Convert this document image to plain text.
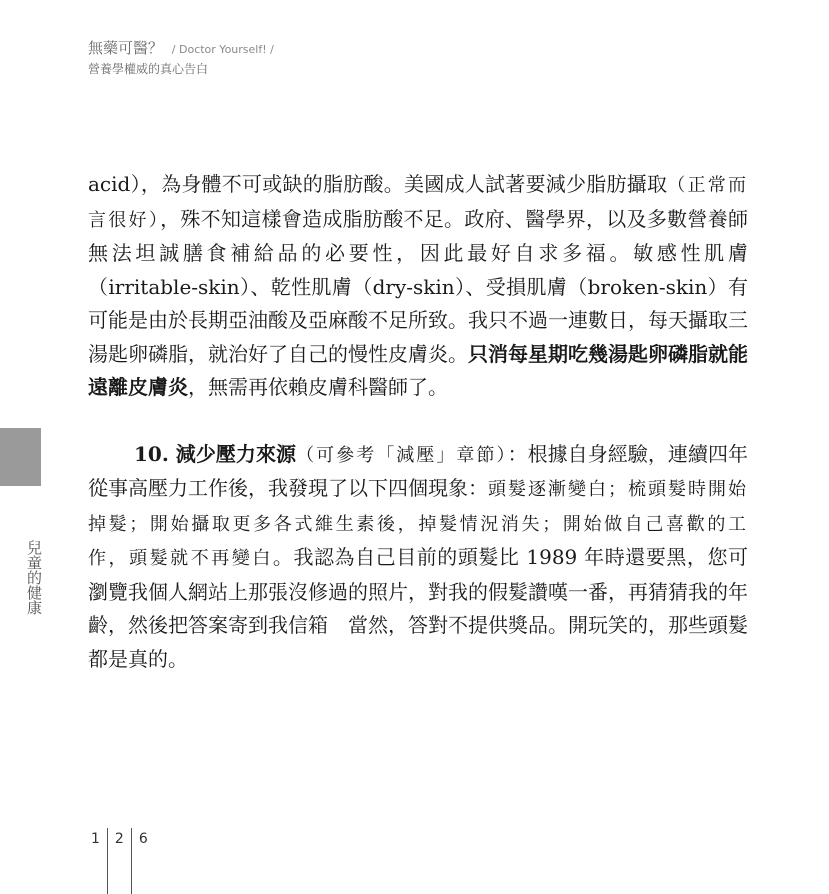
無藥可醫？ / Doctor Yourself! /
營養學權威的真心告白
兒童的健康

acid），為身體不可或缺的脂肪酸。美國成人試著要減少脂肪攝取（正常而言很好），殊不知這樣會造成脂肪酸不足。政府、醫學界，以及多數營養師無法坦誠膳食補給品的必要性，因此最好自求多福。敏感性肌膚（irritable-skin）、乾性肌膚（dry-skin）、受損肌膚（broken-skin）有可能是由於長期亞油酸及亞麻酸不足所致。我只不過一連數日，每天攝取三湯匙卵磷脂，就治好了自己的慢性皮膚炎。只消每星期吃幾湯匙卵磷脂就能遠離皮膚炎，無需再依賴皮膚科醫師了。

10. 減少壓力來源（可參考「減壓」章節）：根據自身經驗，連續四年從事高壓力工作後，我發現了以下四個現象：頭髮逐漸變白；梳頭髮時開始掉髮；開始攝取更多各式維生素後，掉髮情況消失；開始做自己喜歡的工作，頭髮就不再變白。我認為自己目前的頭髮比 1989 年時還要黑，您可瀏覽我個人網站上那張沒修過的照片，對我的假髮讚嘆一番，再猜猜我的年齡，然後把答案寄到我信箱　當然，答對不提供獎品。開玩笑的，那些頭髮都是真的。

1	2	6
